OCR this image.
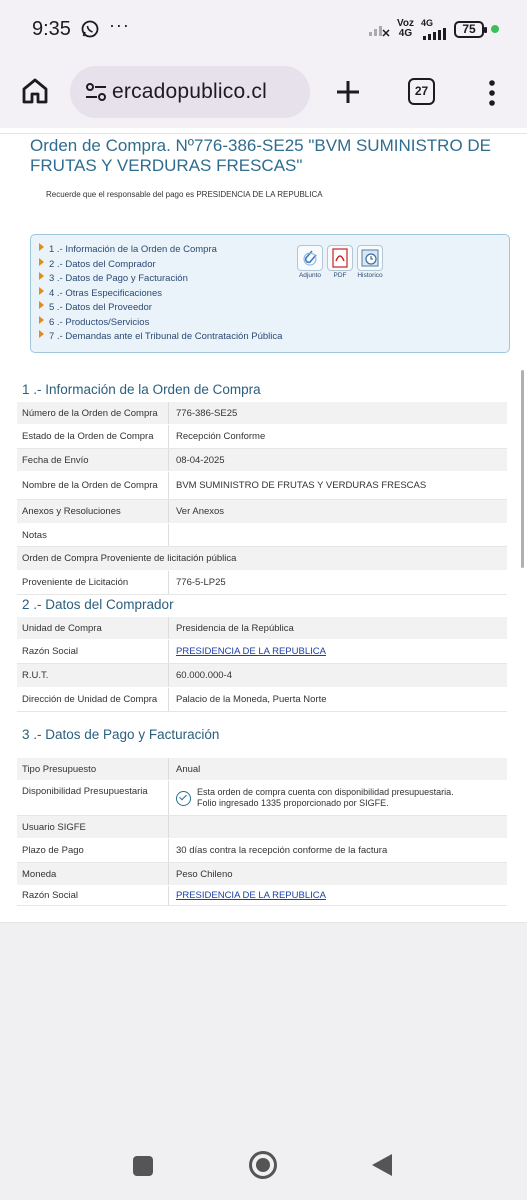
9:35 ···	Voz
4G
4G	75
ercadopublico.cl	27
Orden de Compra. Nº776-386-SE25 "BVM SUMINISTRO DE FRUTAS Y VERDURAS FRESCAS"
Recuerde que el responsable del pago es PRESIDENCIA DE LA REPUBLICA
1 .- Información de la Orden de Compra
2 .- Datos del Comprador
3 .- Datos de Pago y Facturación
4 .- Otras Especificaciones
5 .- Datos del Proveedor
6 .- Productos/Servicios
7 .- Demandas ante el Tribunal de Contratación Pública
Adjunto	PDF	Historico
1 .- Información de la Orden de Compra
Número de la Orden de Compra	776-386-SE25
Estado de la Orden de Compra	Recepción Conforme
Fecha de Envío	08-04-2025
Nombre de la Orden de Compra	BVM SUMINISTRO DE FRUTAS Y VERDURAS FRESCAS
Anexos y Resoluciones	Ver Anexos
Notas
Orden de Compra Proveniente de licitación pública
Proveniente de Licitación	776-5-LP25
2 .- Datos del Comprador
Unidad de Compra	Presidencia de la República
Razón Social	PRESIDENCIA DE LA REPUBLICA
R.U.T.	60.000.000-4
Dirección de Unidad de Compra	Palacio de la Moneda, Puerta Norte
3 .- Datos de Pago y Facturación
Tipo Presupuesto	Anual
Disponibilidad Presupuestaria	Esta orden de compra cuenta con disponibilidad presupuestaria.
Folio ingresado 1335 proporcionado por SIGFE.
Usuario SIGFE
Plazo de Pago	30 días contra la recepción conforme de la factura
Moneda	Peso Chileno
Razón Social	PRESIDENCIA DE LA REPUBLICA
